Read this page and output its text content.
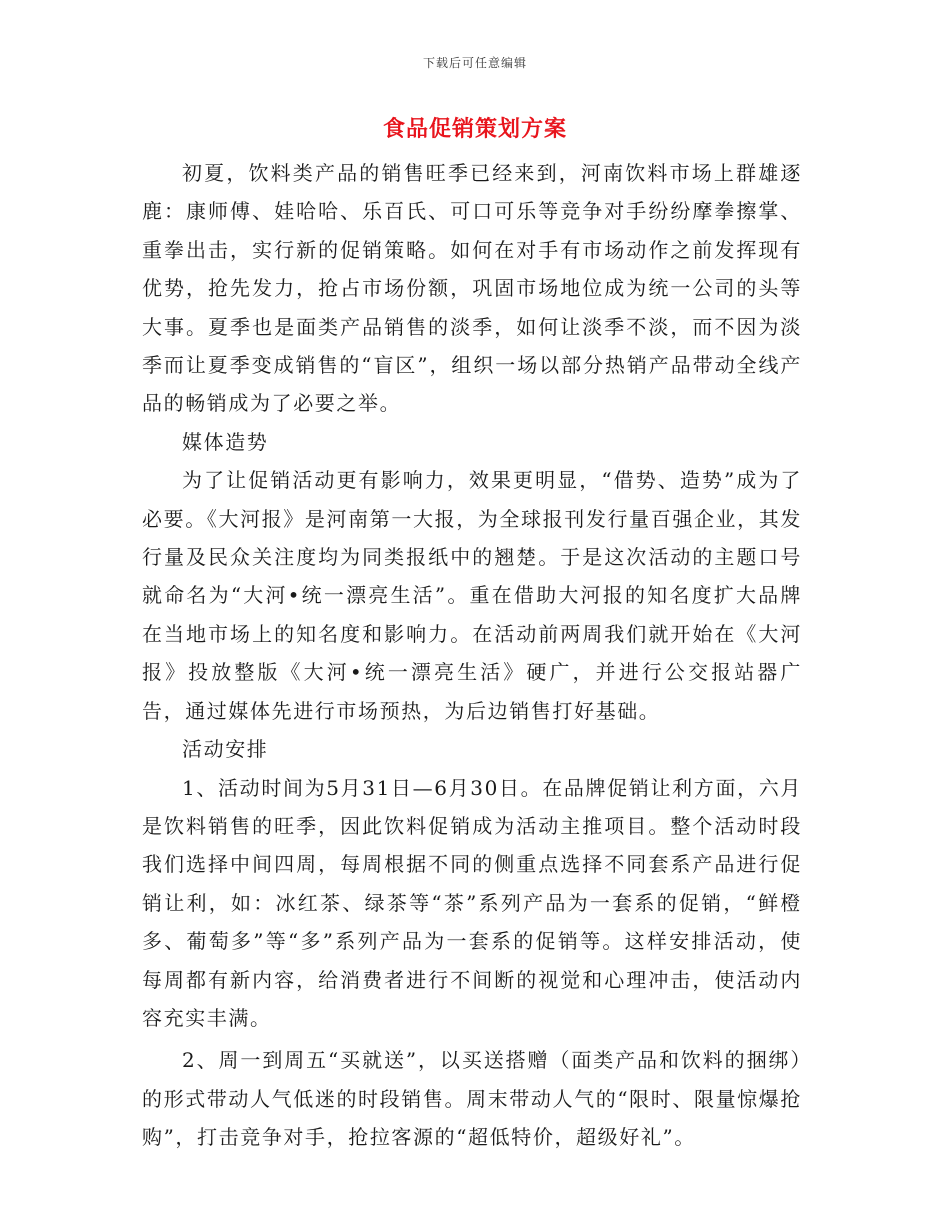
下载后可任意编辑
食品促销策划方案

初夏，饮料类产品的销售旺季已经来到，河南饮料市场上群雄逐鹿：康师傅、娃哈哈、乐百氏、可口可乐等竞争对手纷纷摩拳擦掌、重拳出击，实行新的促销策略。如何在对手有市场动作之前发挥现有优势，抢先发力，抢占市场份额，巩固市场地位成为统一公司的头等大事。夏季也是面类产品销售的淡季，如何让淡季不淡，而不因为淡季而让夏季变成销售的“盲区”，组织一场以部分热销产品带动全线产品的畅销成为了必要之举。

媒体造势

为了让促销活动更有影响力，效果更明显，“借势、造势”成为了必要。《大河报》是河南第一大报，为全球报刊发行量百强企业，其发行量及民众关注度均为同类报纸中的翘楚。于是这次活动的主题口号就命名为“大河•统一漂亮生活”。重在借助大河报的知名度扩大品牌在当地市场上的知名度和影响力。在活动前两周我们就开始在《大河报》投放整版《大河•统一漂亮生活》硬广，并进行公交报站器广告，通过媒体先进行市场预热，为后边销售打好基础。

活动安排

1、活动时间为5月31日—6月30日。在品牌促销让利方面，六月是饮料销售的旺季，因此饮料促销成为活动主推项目。整个活动时段我们选择中间四周，每周根据不同的侧重点选择不同套系产品进行促销让利，如：冰红茶、绿茶等“茶”系列产品为一套系的促销，“鲜橙多、葡萄多”等“多”系列产品为一套系的促销等。这样安排活动，使每周都有新内容，给消费者进行不间断的视觉和心理冲击，使活动内容充实丰满。

2、周一到周五“买就送”，以买送搭赠（面类产品和饮料的捆绑）的形式带动人气低迷的时段销售。周末带动人气的“限时、限量惊爆抢购”，打击竞争对手，抢拉客源的“超低特价，超级好礼”。
